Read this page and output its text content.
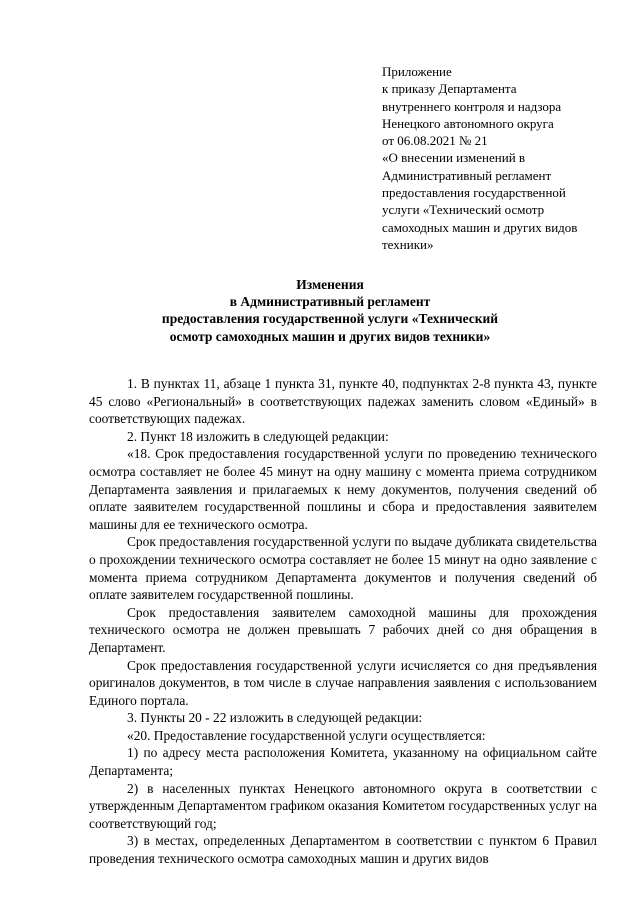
Приложение
к приказу Департамента
внутреннего контроля и надзора
Ненецкого автономного округа
от 06.08.2021 № 21
«О внесении изменений в
Административный регламент
предоставления государственной
услуги «Технический осмотр
самоходных машин и других видов
техники»
Изменения
в Административный регламент
предоставления государственной услуги «Технический
осмотр самоходных машин и других видов техники»

1. В пунктах 11, абзаце 1 пункта 31, пункте 40, подпунктах 2-8 пункта 43, пункте 45 слово «Региональный» в соответствующих падежах заменить словом «Единый» в соответствующих падежах.

2. Пункт 18 изложить в следующей редакции:

«18. Срок предоставления государственной услуги по проведению технического осмотра составляет не более 45 минут на одну машину с момента приема сотрудником Департамента заявления и прилагаемых к нему документов, получения сведений об оплате заявителем государственной пошлины и сбора и предоставления заявителем машины для ее технического осмотра.

Срок предоставления государственной услуги по выдаче дубликата свидетельства о прохождении технического осмотра составляет не более 15 минут на одно заявление с момента приема сотрудником Департамента документов и получения сведений об оплате заявителем государственной пошлины.

Срок предоставления заявителем самоходной машины для прохождения технического осмотра не должен превышать 7 рабочих дней со дня обращения в Департамент.

Срок предоставления государственной услуги исчисляется со дня предъявления оригиналов документов, в том числе в случае направления заявления с использованием Единого портала.

3. Пункты 20 - 22 изложить в следующей редакции:

«20. Предоставление государственной услуги осуществляется:

1) по адресу места расположения Комитета, указанному на официальном сайте Департамента;

2) в населенных пунктах Ненецкого автономного округа в соответствии с утвержденным Департаментом графиком оказания Комитетом государственных услуг на соответствующий год;

3) в местах, определенных Департаментом в соответствии с пунктом 6 Правил проведения технического осмотра самоходных машин и других видов
